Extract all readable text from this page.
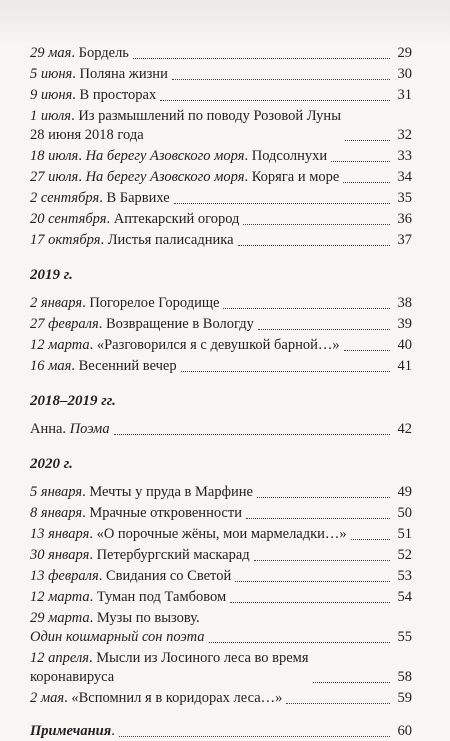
29 мая. Бордель	29
5 июня. Поляна жизни	30
9 июня. В просторах	31
1 июля. Из размышлений по поводу Розовой Луны
28 июня 2018 года	32
18 июля. На берегу Азовского моря. Подсолнухи	33
27 июля. На берегу Азовского моря. Коряга и море	34
2 сентября. В Барвихе	35
20 сентября. Аптекарский огород	36
17 октября. Листья палисадника	37
2019 г.
2 января. Погорелое Городище	38
27 февраля. Возвращение в Вологду	39
12 марта. «Разговорился я с девушкой барной…»	40
16 мая. Весенний вечер	41
2018–2019 гг.
Анна. Поэма	42
2020 г.
5 января. Мечты у пруда в Марфине	49
8 января. Мрачные откровенности	50
13 января. «О порочные жёны, мои мармеладки…»	51
30 января. Петербургский маскарад	52
13 февраля. Свидания со Светой	53
12 марта. Туман под Тамбовом	54
29 марта. Музы по вызову.
Один кошмарный сон поэта	55
12 апреля. Мысли из Лосиного леса во время
коронавируса	58
2 мая. «Вспомнил я в коридорах леса…»	59
Примечания.	60
